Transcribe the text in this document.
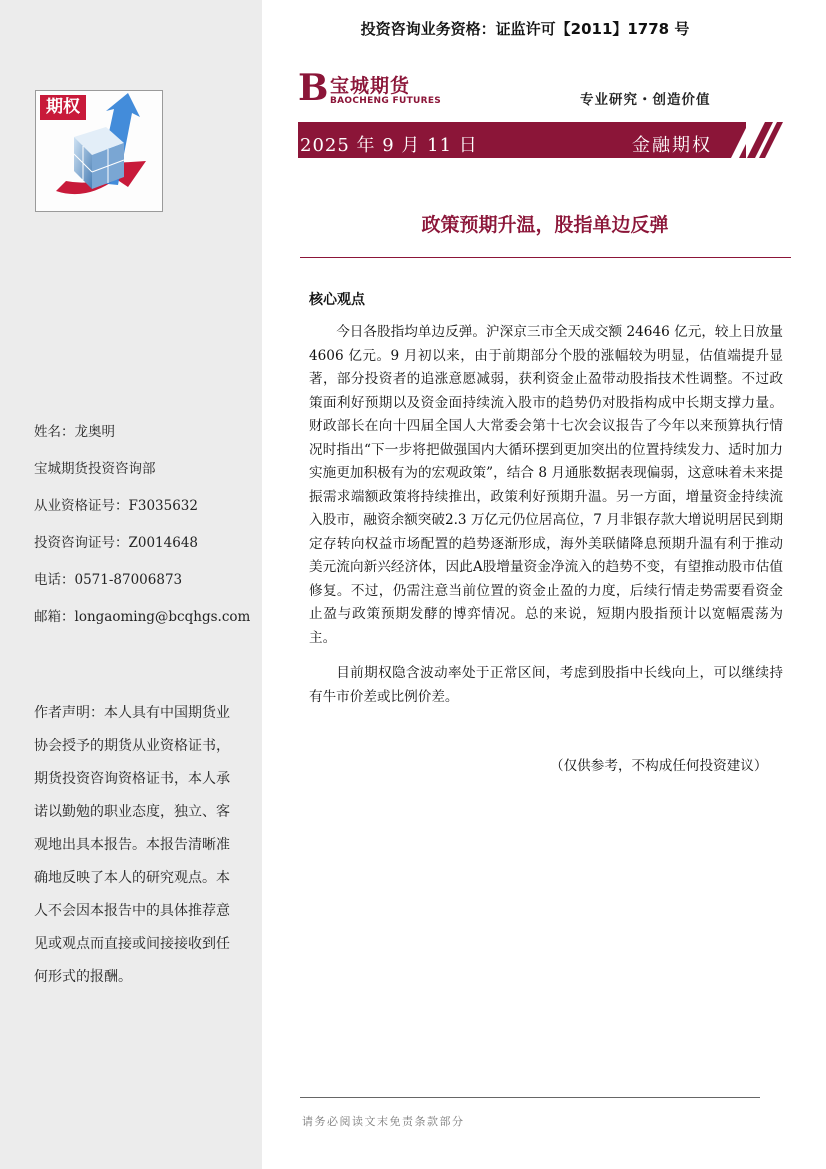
期权
姓名：龙奥明
宝城期货投资咨询部
从业资格证号：F3035632
投资咨询证号：Z0014648
电话：0571-87006873
邮箱：longaoming@bcqhgs.com
作者声明：本人具有中国期货业协会授予的期货从业资格证书，期货投资咨询资格证书，本人承诺以勤勉的职业态度，独立、客观地出具本报告。本报告清晰准确地反映了本人的研究观点。本人不会因本报告中的具体推荐意见或观点而直接或间接接收到任何形式的报酬。
投资咨询业务资格：证监许可【2011】1778 号
B 宝城期货
BAOCHENG FUTURES	专业研究・创造价值
2025 年 9 月 11 日	金融期权
政策预期升温，股指单边反弹
核心观点

今日各股指均单边反弹。沪深京三市全天成交额 24646 亿元，较上日放量 4606 亿元。9 月初以来，由于前期部分个股的涨幅较为明显，估值端提升显著，部分投资者的追涨意愿减弱，获利资金止盈带动股指技术性调整。不过政策面利好预期以及资金面持续流入股市的趋势仍对股指构成中长期支撑力量。财政部长在向十四届全国人大常委会第十七次会议报告了今年以来预算执行情况时指出“下一步将把做强国内大循环摆到更加突出的位置持续发力、适时加力实施更加积极有为的宏观政策”，结合 8 月通胀数据表现偏弱，这意味着未来提振需求端额政策将持续推出，政策利好预期升温。另一方面，增量资金持续流入股市，融资余额突破2.3 万亿元仍位居高位，7 月非银存款大增说明居民到期定存转向权益市场配置的趋势逐渐形成，海外美联储降息预期升温有利于推动美元流向新兴经济体，因此A股增量资金净流入的趋势不变，有望推动股市估值修复。不过，仍需注意当前位置的资金止盈的力度，后续行情走势需要看资金止盈与政策预期发酵的博弈情况。总的来说，短期内股指预计以宽幅震荡为主。

目前期权隐含波动率处于正常区间，考虑到股指中长线向上，可以继续持有牛市价差或比例价差。

（仅供参考，不构成任何投资建议）
请务必阅读文末免责条款部分
